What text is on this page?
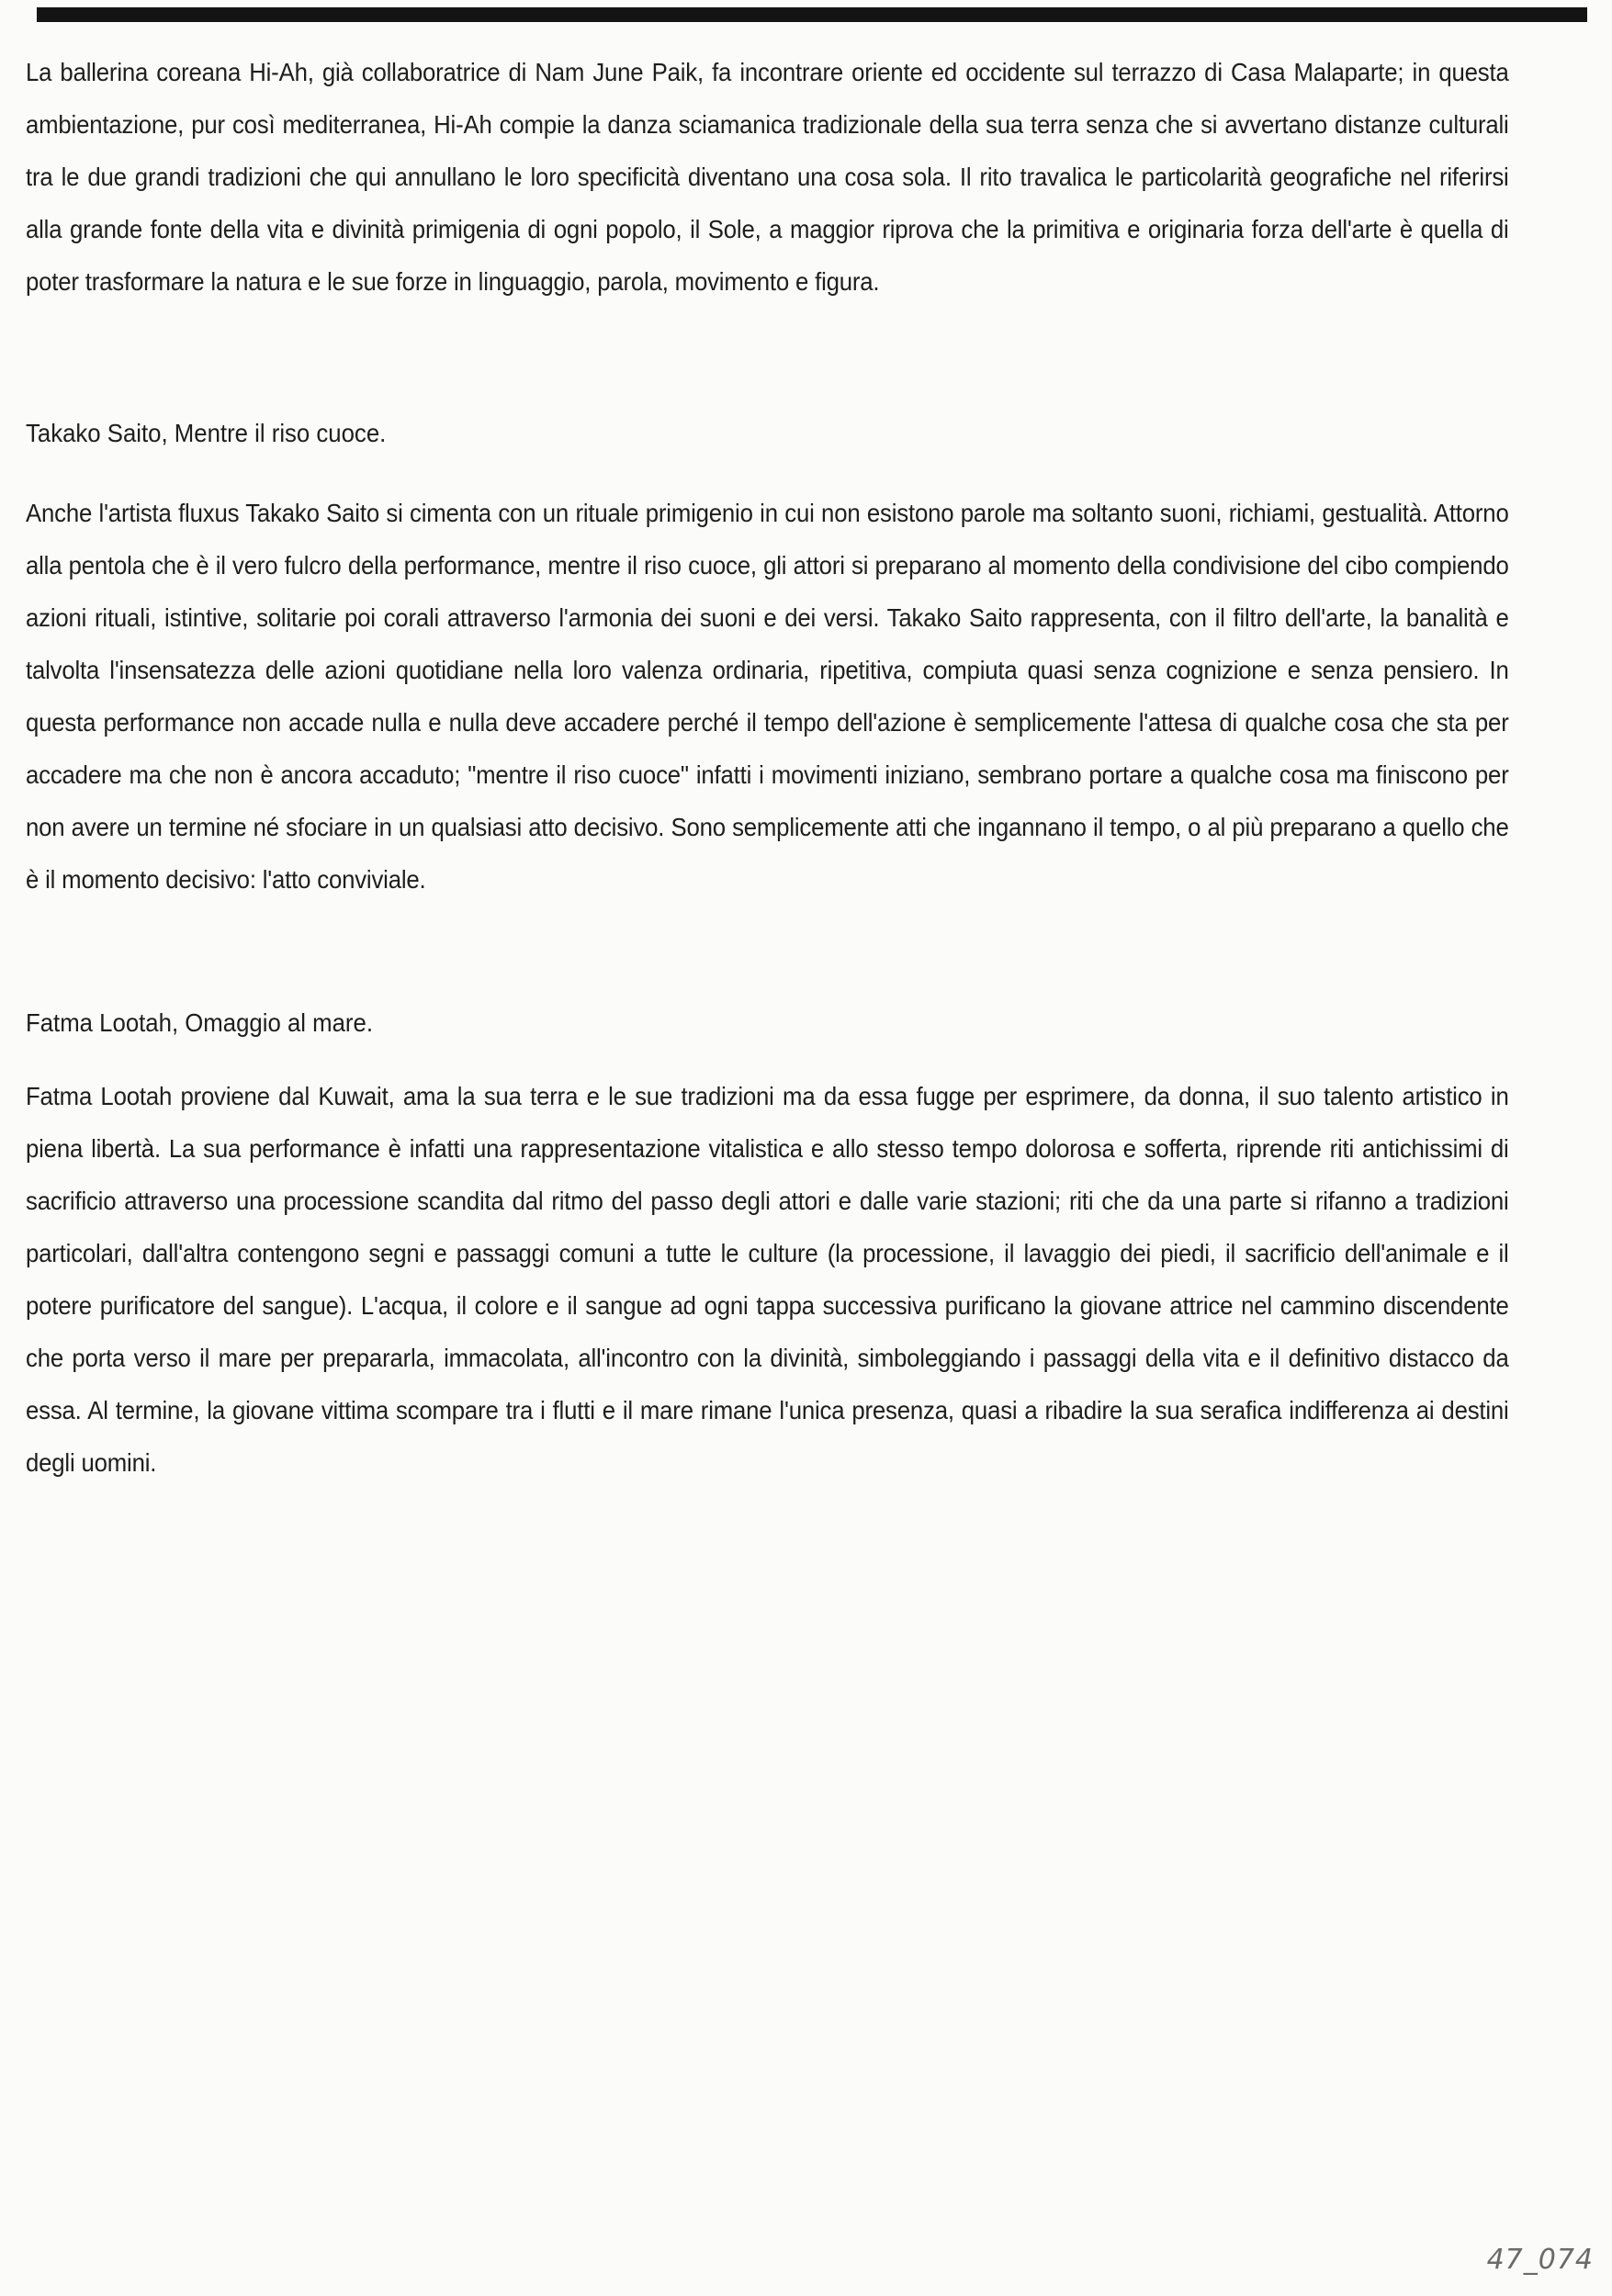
La ballerina coreana Hi-Ah, già collaboratrice di Nam June Paik, fa incontrare oriente ed occidente sul terrazzo di Casa Malaparte; in questa ambientazione, pur così mediterranea, Hi-Ah compie la danza sciamanica tradizionale della sua terra senza che si avvertano distanze culturali tra le due grandi tradizioni che qui annullano le loro specificità diventano una cosa sola. Il rito travalica le particolarità geografiche nel riferirsi alla grande fonte della vita e divinità primigenia di ogni popolo, il Sole, a maggior riprova che la primitiva e originaria forza dell'arte è quella di poter trasformare la natura e le sue forze in linguaggio, parola, movimento e figura.

Takako Saito, Mentre il riso cuoce.

Anche l'artista fluxus Takako Saito si cimenta con un rituale primigenio in cui non esistono parole ma soltanto suoni, richiami, gestualità. Attorno alla pentola che è il vero fulcro della performance, mentre il riso cuoce, gli attori si preparano al momento della condivisione del cibo compiendo azioni rituali, istintive, solitarie poi corali attraverso l'armonia dei suoni e dei versi. Takako Saito rappresenta, con il filtro dell'arte, la banalità e talvolta l'insensatezza delle azioni quotidiane nella loro valenza ordinaria, ripetitiva, compiuta quasi senza cognizione e senza pensiero. In questa performance non accade nulla e nulla deve accadere perché il tempo dell'azione è semplicemente l'attesa di qualche cosa che sta per accadere ma che non è ancora accaduto; "mentre il riso cuoce" infatti i movimenti iniziano, sembrano portare a qualche cosa ma finiscono per non avere un termine né sfociare in un qualsiasi atto decisivo. Sono semplicemente atti che ingannano il tempo, o al più preparano a quello che è il momento decisivo: l'atto conviviale.

Fatma Lootah, Omaggio al mare.

Fatma Lootah proviene dal Kuwait, ama la sua terra e le sue tradizioni ma da essa fugge per esprimere, da donna, il suo talento artistico in piena libertà. La sua performance è infatti una rappresentazione vitalistica e allo stesso tempo dolorosa e sofferta, riprende riti antichissimi di sacrificio attraverso una processione scandita dal ritmo del passo degli attori e dalle varie stazioni; riti che da una parte si rifanno a tradizioni particolari, dall'altra contengono segni e passaggi comuni a tutte le culture (la processione, il lavaggio dei piedi, il sacrificio dell'animale e il potere purificatore del sangue). L'acqua, il colore e il sangue ad ogni tappa successiva purificano la giovane attrice nel cammino discendente che porta verso il mare per prepararla, immacolata, all'incontro con la divinità, simboleggiando i passaggi della vita e il definitivo distacco da essa. Al termine, la giovane vittima scompare tra i flutti e il mare rimane l'unica presenza, quasi a ribadire la sua serafica indifferenza ai destini degli uomini.

47_074
